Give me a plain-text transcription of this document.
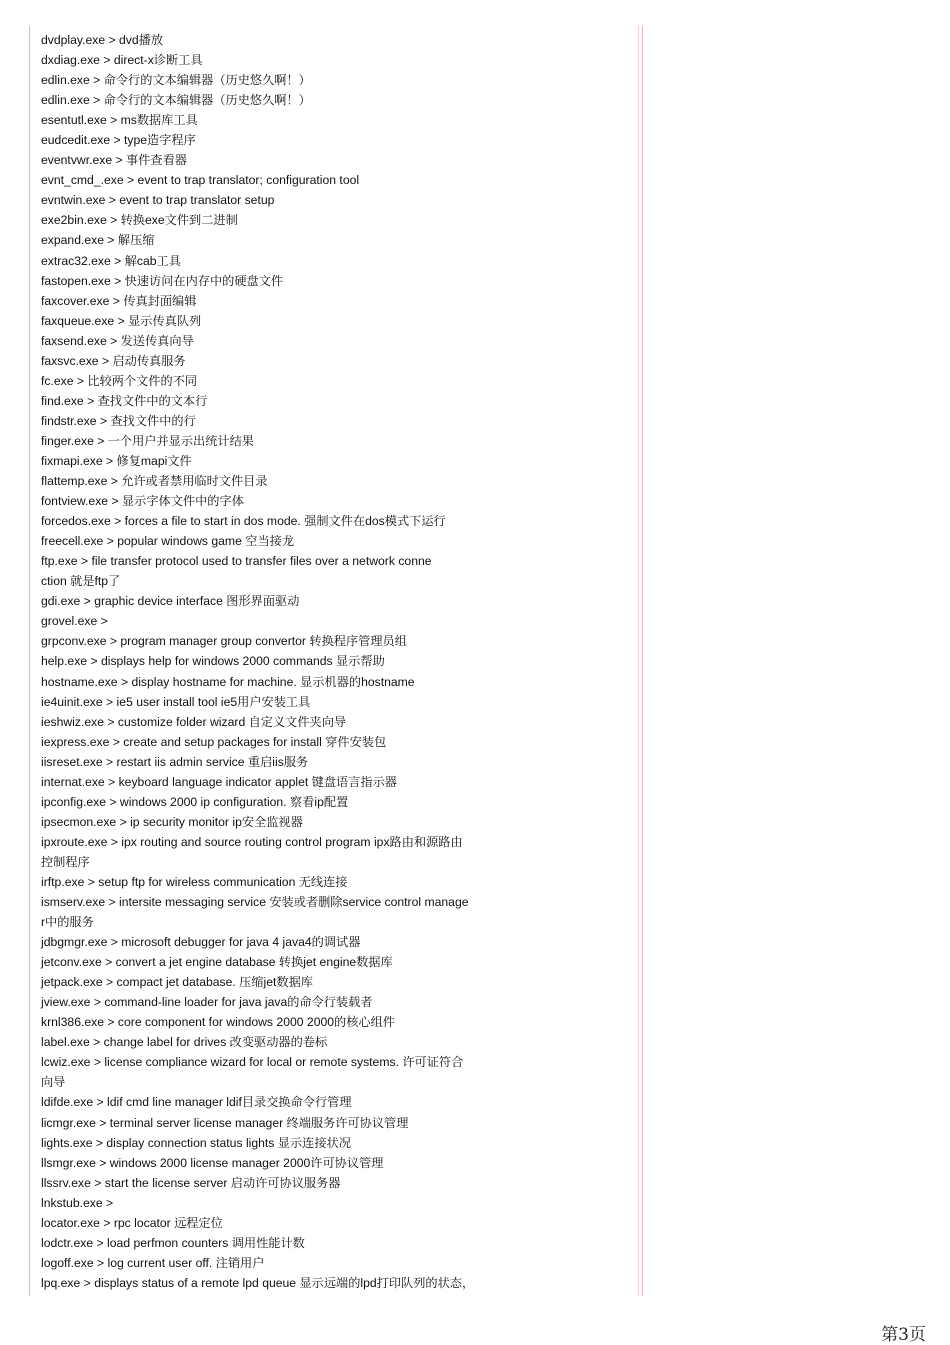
dvdplay.exe > dvd播放
dxdiag.exe > direct-x诊断工具
edlin.exe > 命令行的文本编辑器（历史悠久啊！）
edlin.exe > 命令行的文本编辑器（历史悠久啊！）
esentutl.exe > ms数据库工具
eudcedit.exe > type造字程序
eventvwr.exe > 事件查看器
evnt_cmd_.exe > event to trap translator; configuration tool
evntwin.exe > event to trap translator setup
exe2bin.exe > 转换exe文件到二进制
expand.exe > 解压缩
extrac32.exe > 解cab工具
fastopen.exe > 快速访问在内存中的硬盘文件
faxcover.exe > 传真封面编辑
faxqueue.exe > 显示传真队列
faxsend.exe > 发送传真向导
faxsvc.exe > 启动传真服务
fc.exe > 比较两个文件的不同
find.exe > 查找文件中的文本行
findstr.exe > 查找文件中的行
finger.exe > 一个用户并显示出统计结果
fixmapi.exe > 修复mapi文件
flattemp.exe > 允许或者禁用临时文件目录
fontview.exe > 显示字体文件中的字体
forcedos.exe > forces a file to start in dos mode. 强制文件在dos模式下运行
freecell.exe > popular windows game 空当接龙
ftp.exe > file transfer protocol used to transfer files over a network conne
ction 就是ftp了
gdi.exe > graphic device interface 图形界面驱动
grovel.exe >
grpconv.exe > program manager group convertor 转换程序管理员组
help.exe > displays help for windows 2000 commands 显示帮助
hostname.exe > display hostname for machine. 显示机器的hostname
ie4uinit.exe > ie5 user install tool ie5用户安装工具
ieshwiz.exe > customize folder wizard 自定义文件夹向导
iexpress.exe > create and setup packages for install 穿件安装包
iisreset.exe > restart iis admin service 重启iis服务
internat.exe > keyboard language indicator applet 键盘语言指示器
ipconfig.exe > windows 2000 ip configuration. 察看ip配置
ipsecmon.exe > ip security monitor ip安全监视器
ipxroute.exe > ipx routing and source routing control program ipx路由和源路由
控制程序
irftp.exe > setup ftp for wireless communication 无线连接
ismserv.exe > intersite messaging service 安装或者删除service control manage
r中的服务
jdbgmgr.exe > microsoft debugger for java 4 java4的调试器
jetconv.exe > convert a jet engine database 转换jet engine数据库
jetpack.exe > compact jet database. 压缩jet数据库
jview.exe > command-line loader for java java的命令行装载者
krnl386.exe > core component for windows 2000 2000的核心组件
label.exe > change label for drives 改变驱动器的卷标
lcwiz.exe > license compliance wizard for local or remote systems. 许可证符合
向导
ldifde.exe > ldif cmd line manager ldif目录交换命令行管理
licmgr.exe > terminal server license manager 终端服务许可协议管理
lights.exe > display connection status lights 显示连接状况
llsmgr.exe > windows 2000 license manager 2000许可协议管理
llssrv.exe > start the license server 启动许可协议服务器
lnkstub.exe >
locator.exe > rpc locator 远程定位
lodctr.exe > load perfmon counters 调用性能计数
logoff.exe > log current user off. 注销用户
lpq.exe > displays status of a remote lpd queue 显示远端的lpd打印队列的状态，
第3页
